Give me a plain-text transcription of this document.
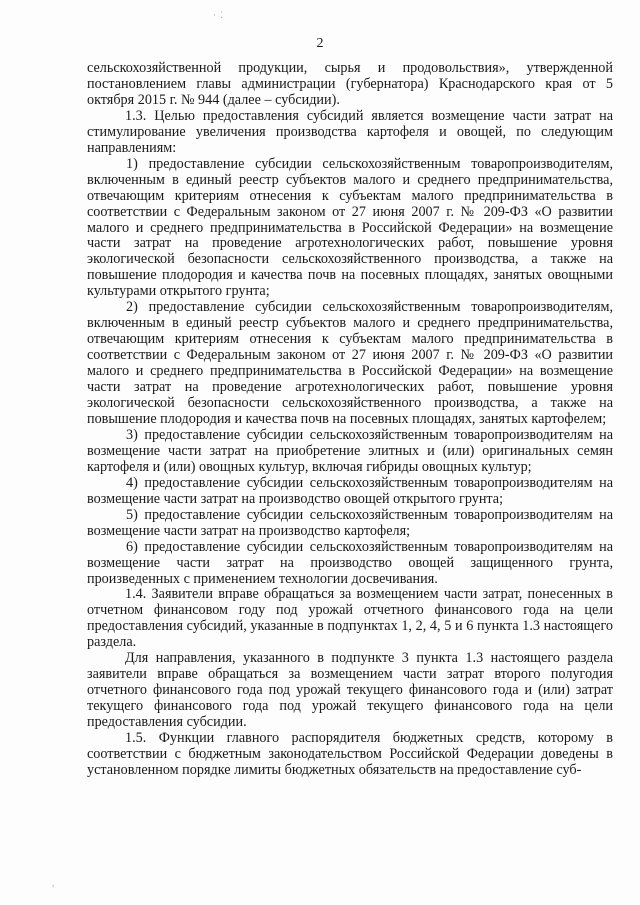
· ⁚
2

сельскохозяйственной продукции, сырья и продовольствия», утвержденной постановлением главы администрации (губернатора) Краснодарского края от 5 октября 2015 г. № 944 (далее – субсидии).

1.3. Целью предоставления субсидий является возмещение части затрат на стимулирование увеличения производства картофеля и овощей, по следующим направлениям:

1) предоставление субсидии сельскохозяйственным товаропроизводителям, включенным в единый реестр субъектов малого и среднего предпринимательства, отвечающим критериям отнесения к субъектам малого предпринимательства в соответствии с Федеральным законом от 27 июня 2007 г. № 209-ФЗ «О развитии малого и среднего предпринимательства в Российской Федерации» на возмещение части затрат на проведение агротехнологических работ, повышение уровня экологической безопасности сельскохозяйственного производства, а также на повышение плодородия и качества почв на посевных площадях, занятых овощными культурами открытого грунта;

2) предоставление субсидии сельскохозяйственным товаропроизводителям, включенным в единый реестр субъектов малого и среднего предпринимательства, отвечающим критериям отнесения к субъектам малого предпринимательства в соответствии с Федеральным законом от 27 июня 2007 г. № 209-ФЗ «О развитии малого и среднего предпринимательства в Российской Федерации» на возмещение части затрат на проведение агротехнологических работ, повышение уровня экологической безопасности сельскохозяйственного производства, а также на повышение плодородия и качества почв на посевных площадях, занятых картофелем;

3) предоставление субсидии сельскохозяйственным товаропроизводителям на возмещение части затрат на приобретение элитных и (или) оригинальных семян картофеля и (или) овощных культур, включая гибриды овощных культур;

4) предоставление субсидии сельскохозяйственным товаропроизводителям на возмещение части затрат на производство овощей открытого грунта;

5) предоставление субсидии сельскохозяйственным товаропроизводителям на возмещение части затрат на производство картофеля;

6) предоставление субсидии сельскохозяйственным товаропроизводителям на возмещение части затрат на производство овощей защищенного грунта, произведенных с применением технологии досвечивания.

1.4. Заявители вправе обращаться за возмещением части затрат, понесенных в отчетном финансовом году под урожай отчетного финансового года на цели предоставления субсидий, указанные в подпунктах 1, 2, 4, 5 и 6 пункта 1.3 настоящего раздела.

Для направления, указанного в подпункте 3 пункта 1.3 настоящего раздела заявители вправе обращаться за возмещением части затрат второго полугодия отчетного финансового года под урожай текущего финансового года и (или) затрат текущего финансового года под урожай текущего финансового года на цели предоставления субсидии.

1.5. Функции главного распорядителя бюджетных средств, которому в соответствии с бюджетным законодательством Российской Федерации доведены в установленном порядке лимиты бюджетных обязательств на предоставление суб-

,
